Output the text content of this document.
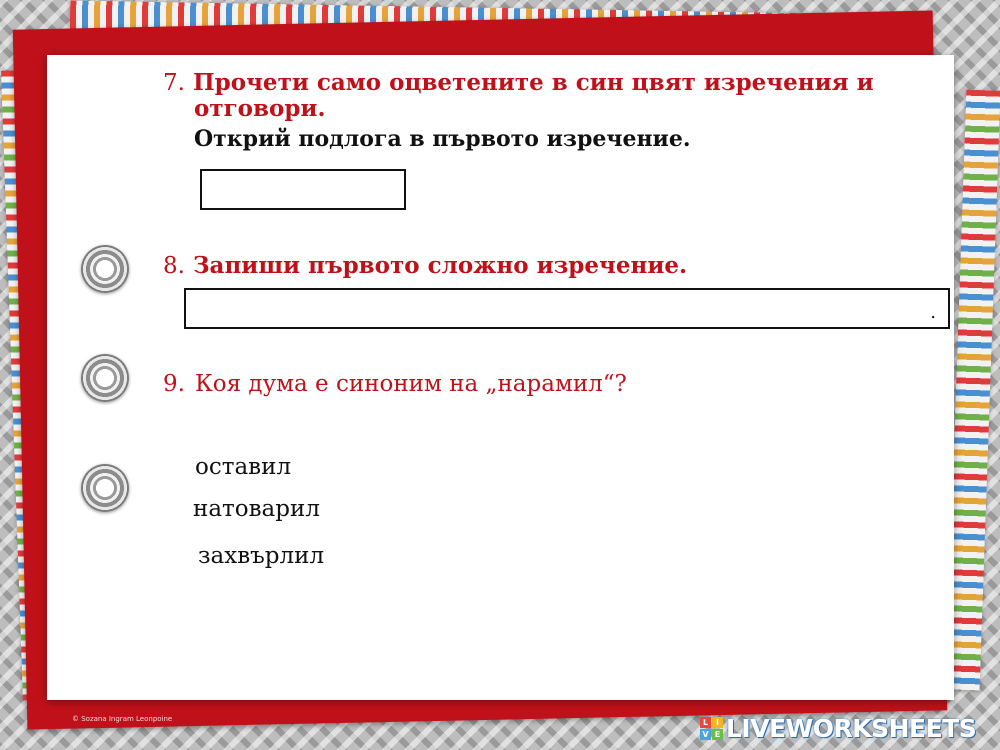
7. Прочети само оцветените в син цвят изречения и
отговори.
Открий подлога в първото изречение.
8. Запиши първото сложно изречение.
.
9. Коя дума е синоним на „нарамил“?
оставил
натоварил
захвърлил
© Sozana Ingram Leonpoine	L I
V E LIVEWORKSHEETS
